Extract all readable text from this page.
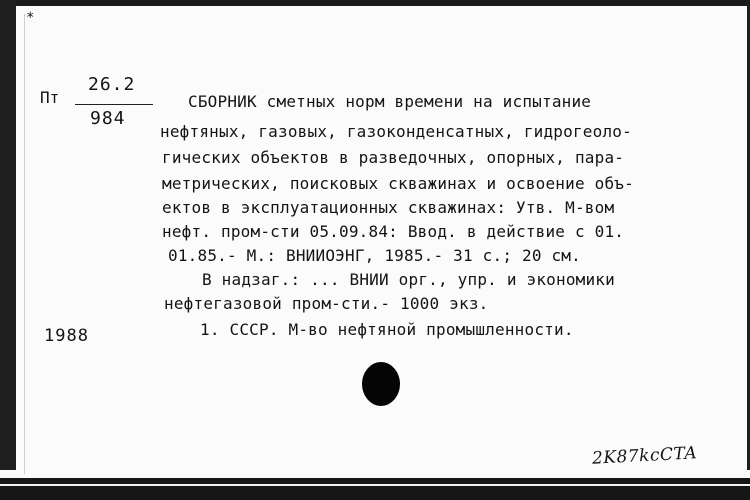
*
Пт
26.2
984
1988
СБОРНИК сметных норм времени на испытание
нефтяных, газовых, газоконденсатных, гидрогеоло-
гических объектов в разведочных, опорных, пара-
метрических, поисковых скважинах и освоение объ-
ектов в эксплуатационных скважинах: Утв. М-вом
нефт. пром-сти 05.09.84: Ввод. в действие с 01.
01.85.- М.: ВНИИОЭНГ, 1985.- 31 с.; 20 см.
В надзаг.: ... ВНИИ орг., упр. и экономики
нефтегазовой пром-сти.- 1000 экз.
1. СССР. М-во нефтяной промышленности.
2K87kcCTA
